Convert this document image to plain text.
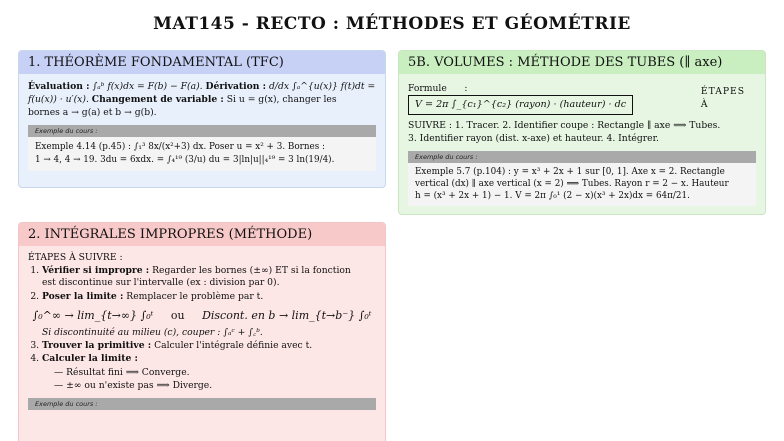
MAT145 - RECTO : MÉTHODES ET GÉOMÉTRIE
1. THÉORÈME FONDAMENTAL (TFC)
Évaluation : ∫ₐᵇ f(x)dx = F(b) − F(a). Dérivation : d/dx ∫ₐ^{u(x)} f(t)dt =
f(u(x)) · u′(x). Changement de variable : Si u = g(x), changer les
bornes a → g(a) et b → g(b).
Exemple du cours :
Exemple 4.14 (p.45) : ∫₁³ 8x/(x²+3) dx. Poser u = x² + 3. Bornes :
1 → 4, 4 → 19. 3du = 6xdx. = ∫₄¹⁹ (3/u) du = 3|ln|u||₄¹⁹ = 3 ln(19/4).
5B. VOLUMES : MÉTHODE DES TUBES (∥ axe)
Formule :    V = 2π ∫_{c₁}^{c₂} (rayon) · (hauteur) · dc
ÉTAPES À
SUIVRE : 1. Tracer. 2. Identifier coupe : Rectangle ∥ axe ⟹ Tubes.
3. Identifier rayon (dist. x-axe) et hauteur. 4. Intégrer.
Exemple du cours :
Exemple 5.7 (p.104) : y = x³ + 2x + 1 sur [0, 1]. Axe x = 2. Rectangle
vertical (dx) ∥ axe vertical (x = 2) ⟹ Tubes. Rayon r = 2 − x. Hauteur
h = (x³ + 2x + 1) − 1. V = 2π ∫₀¹ (2 − x)(x³ + 2x)dx = 64π/21.
2. INTÉGRALES IMPROPRES (MÉTHODE)
ÉTAPES À SUIVRE :
1. Vérifier si impropre : Regarder les bornes (±∞) ET si la fonction
est discontinue sur l'intervalle (ex : division par 0).
2. Poser la limite : Remplacer le problème par t.
∫₀^∞ → lim_{t→∞} ∫₀ᵗ ou Discont. en b → lim_{t→b⁻} ∫₀ᵗ
Si discontinuité au milieu (c), couper : ∫ₐᶜ + ∫꜀ᵇ.
3. Trouver la primitive : Calculer l'intégrale définie avec t.
4. Calculer la limite :
— Résultat fini ⟹ Converge.
— ±∞ ou n'existe pas ⟹ Diverge.
Exemple du cours :
